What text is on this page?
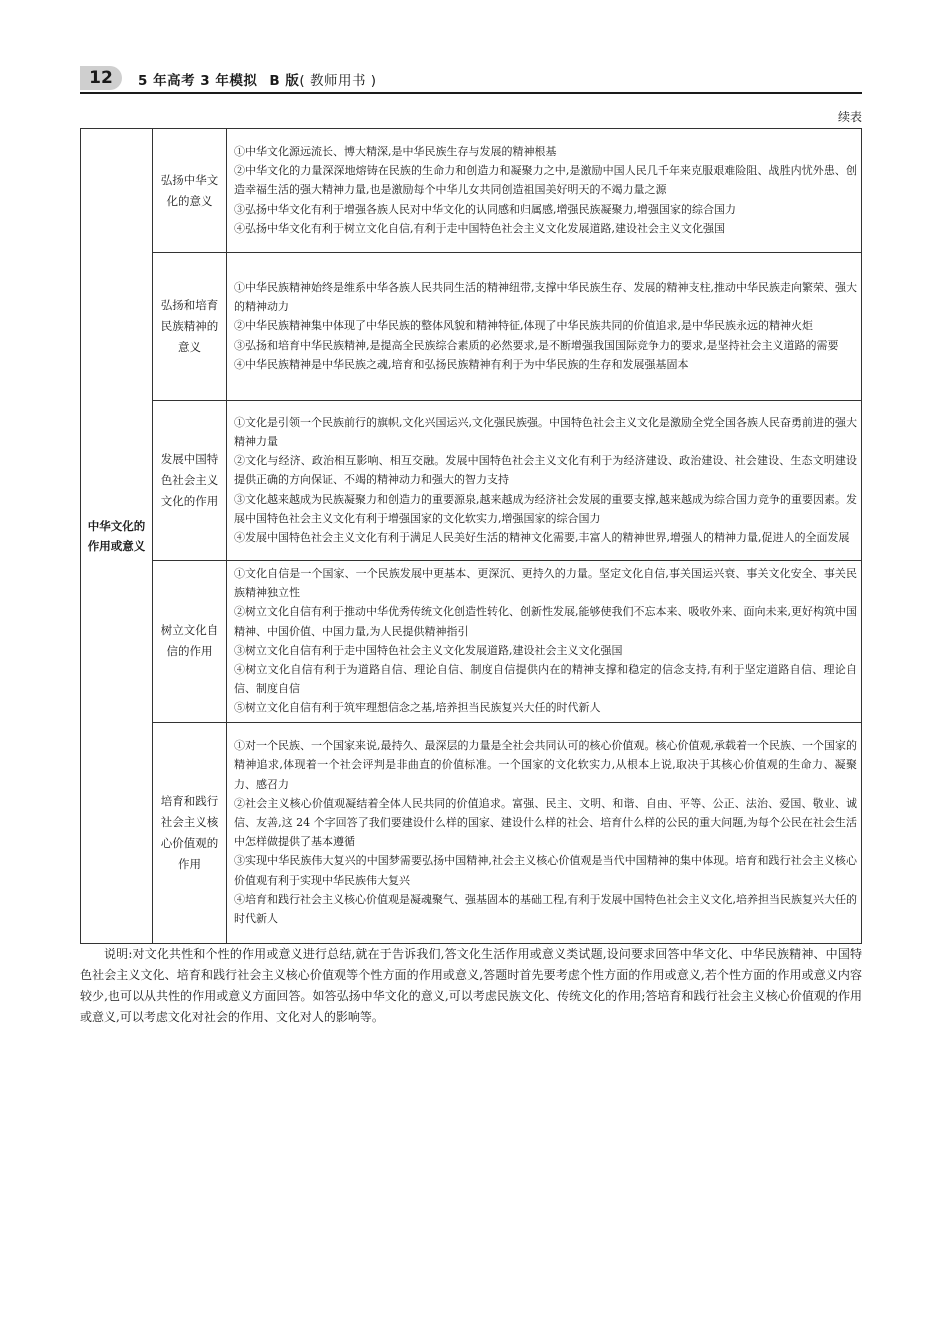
12	5 年高考 3 年模拟 B 版( 教师用书 )
续表
中华文化的作用或意义	弘扬中华文化的意义	①中华文化源远流长、博大精深,是中华民族生存与发展的精神根基

②中华文化的力量深深地熔铸在民族的生命力和创造力和凝聚力之中,是激励中国人民几千年来克服艰难险阻、战胜内忧外患、创造幸福生活的强大精神力量,也是激励每个中华儿女共同创造祖国美好明天的不竭力量之源

③弘扬中华文化有利于增强各族人民对中华文化的认同感和归属感,增强民族凝聚力,增强国家的综合国力

④弘扬中华文化有利于树立文化自信,有利于走中国特色社会主义文化发展道路,建设社会主义文化强国

	弘扬和培育民族精神的意义	①中华民族精神始终是维系中华各族人民共同生活的精神纽带,支撑中华民族生存、发展的精神支柱,推动中华民族走向繁荣、强大的精神动力

②中华民族精神集中体现了中华民族的整体风貌和精神特征,体现了中华民族共同的价值追求,是中华民族永远的精神火炬

③弘扬和培育中华民族精神,是提高全民族综合素质的必然要求,是不断增强我国国际竞争力的要求,是坚持社会主义道路的需要

④中华民族精神是中华民族之魂,培育和弘扬民族精神有利于为中华民族的生存和发展强基固本

	发展中国特色社会主义文化的作用	①文化是引领一个民族前行的旗帜,文化兴国运兴,文化强民族强。中国特色社会主义文化是激励全党全国各族人民奋勇前进的强大精神力量

②文化与经济、政治相互影响、相互交融。发展中国特色社会主义文化有利于为经济建设、政治建设、社会建设、生态文明建设提供正确的方向保证、不竭的精神动力和强大的智力支持

③文化越来越成为民族凝聚力和创造力的重要源泉,越来越成为经济社会发展的重要支撑,越来越成为综合国力竞争的重要因素。发展中国特色社会主义文化有利于增强国家的文化软实力,增强国家的综合国力

④发展中国特色社会主义文化有利于满足人民美好生活的精神文化需要,丰富人的精神世界,增强人的精神力量,促进人的全面发展

	树立文化自信的作用	①文化自信是一个国家、一个民族发展中更基本、更深沉、更持久的力量。坚定文化自信,事关国运兴衰、事关文化安全、事关民族精神独立性

②树立文化自信有利于推动中华优秀传统文化创造性转化、创新性发展,能够使我们不忘本来、吸收外来、面向未来,更好构筑中国精神、中国价值、中国力量,为人民提供精神指引

③树立文化自信有利于走中国特色社会主义文化发展道路,建设社会主义文化强国

④树立文化自信有利于为道路自信、理论自信、制度自信提供内在的精神支撑和稳定的信念支持,有利于坚定道路自信、理论自信、制度自信

⑤树立文化自信有利于筑牢理想信念之基,培养担当民族复兴大任的时代新人

	培育和践行社会主义核心价值观的作用	①对一个民族、一个国家来说,最持久、最深层的力量是全社会共同认可的核心价值观。核心价值观,承载着一个民族、一个国家的精神追求,体现着一个社会评判是非曲直的价值标准。一个国家的文化软实力,从根本上说,取决于其核心价值观的生命力、凝聚力、感召力

②社会主义核心价值观凝结着全体人民共同的价值追求。富强、民主、文明、和谐、自由、平等、公正、法治、爱国、敬业、诚信、友善,这 24 个字回答了我们要建设什么样的国家、建设什么样的社会、培育什么样的公民的重大问题,为每个公民在社会生活中怎样做提供了基本遵循

③实现中华民族伟大复兴的中国梦需要弘扬中国精神,社会主义核心价值观是当代中国精神的集中体现。培育和践行社会主义核心价值观有利于实现中华民族伟大复兴

④培育和践行社会主义核心价值观是凝魂聚气、强基固本的基础工程,有利于发展中国特色社会主义文化,培养担当民族复兴大任的时代新人

说明:对文化共性和个性的作用或意义进行总结,就在于告诉我们,答文化生活作用或意义类试题,设问要求回答中华文化、中华民族精神、中国特色社会主义文化、培育和践行社会主义核心价值观等个性方面的作用或意义,答题时首先要考虑个性方面的作用或意义,若个性方面的作用或意义内容较少,也可以从共性的作用或意义方面回答。如答弘扬中华文化的意义,可以考虑民族文化、传统文化的作用;答培育和践行社会主义核心价值观的作用或意义,可以考虑文化对社会的作用、文化对人的影响等。
